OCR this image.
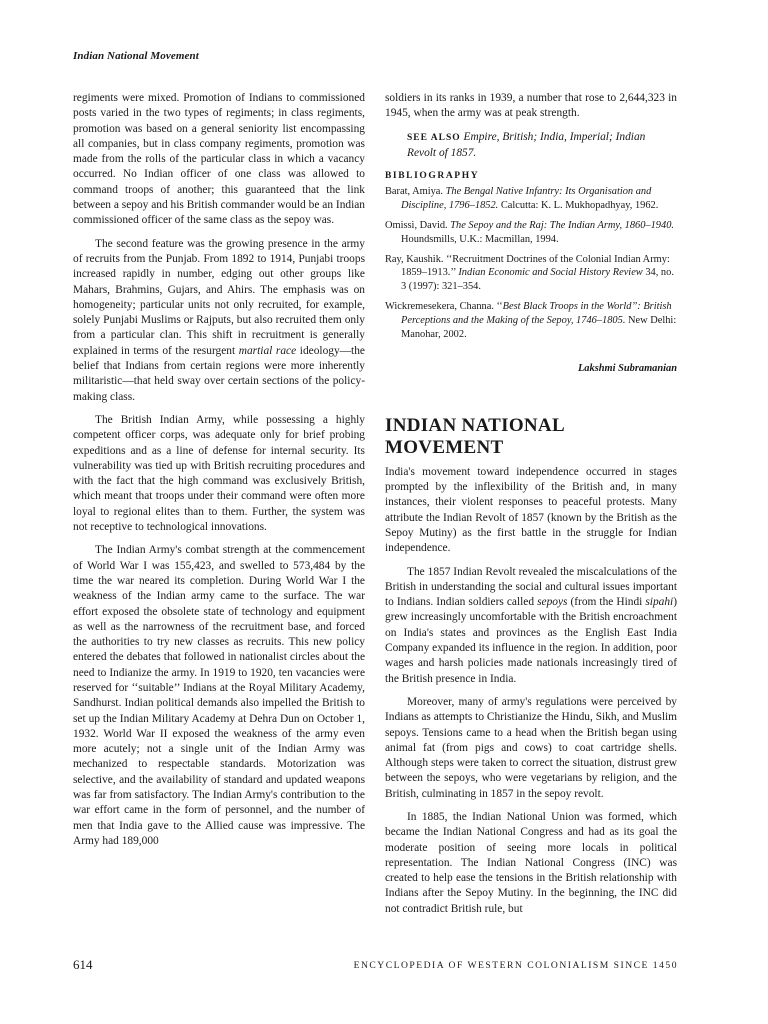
Indian National Movement

regiments were mixed. Promotion of Indians to commissioned posts varied in the two types of regiments; in class regiments, promotion was based on a general seniority list encompassing all companies, but in class company regiments, promotion was made from the rolls of the particular class in which a vacancy occurred. No Indian officer of one class was allowed to command troops of another; this guaranteed that the link between a sepoy and his British commander would be an Indian commissioned officer of the same class as the sepoy was.

The second feature was the growing presence in the army of recruits from the Punjab. From 1892 to 1914, Punjabi troops increased rapidly in number, edging out other groups like Mahars, Brahmins, Gujars, and Ahirs. The emphasis was on homogeneity; particular units not only recruited, for example, solely Punjabi Muslims or Rajputs, but also recruited them only from a particular clan. This shift in recruitment is generally explained in terms of the resurgent martial race ideology—the belief that Indians from certain regions were more inherently militaristic—that held sway over certain sections of the policy-making class.

The British Indian Army, while possessing a highly competent officer corps, was adequate only for brief probing expeditions and as a line of defense for internal security. Its vulnerability was tied up with British recruiting procedures and with the fact that the high command was exclusively British, which meant that troops under their command were often more loyal to regional elites than to them. Further, the system was not receptive to technological innovations.

The Indian Army's combat strength at the commencement of World War I was 155,423, and swelled to 573,484 by the time the war neared its completion. During World War I the weakness of the Indian army came to the surface. The war effort exposed the obsolete state of technology and equipment as well as the narrowness of the recruitment base, and forced the authorities to try new classes as recruits. This new policy entered the debates that followed in nationalist circles about the need to Indianize the army. In 1919 to 1920, ten vacancies were reserved for ‘‘suitable’’ Indians at the Royal Military Academy, Sandhurst. Indian political demands also impelled the British to set up the Indian Military Academy at Dehra Dun on October 1, 1932. World War II exposed the weakness of the army even more acutely; not a single unit of the Indian Army was mechanized to respectable standards. Motorization was selective, and the availability of standard and updated weapons was far from satisfactory. The Indian Army's contribution to the war effort came in the form of personnel, and the number of men that India gave to the Allied cause was impressive. The Army had 189,000

soldiers in its ranks in 1939, a number that rose to 2,644,323 in 1945, when the army was at peak strength.

SEE ALSO Empire, British; India, Imperial; Indian Revolt of 1857.

BIBLIOGRAPHY
Barat, Amiya. The Bengal Native Infantry: Its Organisation and Discipline, 1796–1852. Calcutta: K. L. Mukhopadhyay, 1962.
Omissi, David. The Sepoy and the Raj: The Indian Army, 1860–1940. Houndsmills, U.K.: Macmillan, 1994.
Ray, Kaushik. ‘‘Recruitment Doctrines of the Colonial Indian Army: 1859–1913.’’ Indian Economic and Social History Review 34, no. 3 (1997): 321–354.
Wickremesekera, Channa. ‘‘Best Black Troops in the World’’: British Perceptions and the Making of the Sepoy, 1746–1805. New Delhi: Manohar, 2002.
Lakshmi Subramanian
INDIAN NATIONAL MOVEMENT

India's movement toward independence occurred in stages prompted by the inflexibility of the British and, in many instances, their violent responses to peaceful protests. Many attribute the Indian Revolt of 1857 (known by the British as the Sepoy Mutiny) as the first battle in the struggle for Indian independence.

The 1857 Indian Revolt revealed the miscalculations of the British in understanding the social and cultural issues important to Indians. Indian soldiers called sepoys (from the Hindi sipahi) grew increasingly uncomfortable with the British encroachment on India's states and provinces as the English East India Company expanded its influence in the region. In addition, poor wages and harsh policies made nationals increasingly tired of the British presence in India.

Moreover, many of army's regulations were perceived by Indians as attempts to Christianize the Hindu, Sikh, and Muslim sepoys. Tensions came to a head when the British began using animal fat (from pigs and cows) to coat cartridge shells. Although steps were taken to correct the situation, distrust grew between the sepoys, who were vegetarians by religion, and the British, culminating in 1857 in the sepoy revolt.

In 1885, the Indian National Union was formed, which became the Indian National Congress and had as its goal the moderate position of seeing more locals in political representation. The Indian National Congress (INC) was created to help ease the tensions in the British relationship with Indians after the Sepoy Mutiny. In the beginning, the INC did not contradict British rule, but

614	ENCYCLOPEDIA OF WESTERN COLONIALISM SINCE 1450
